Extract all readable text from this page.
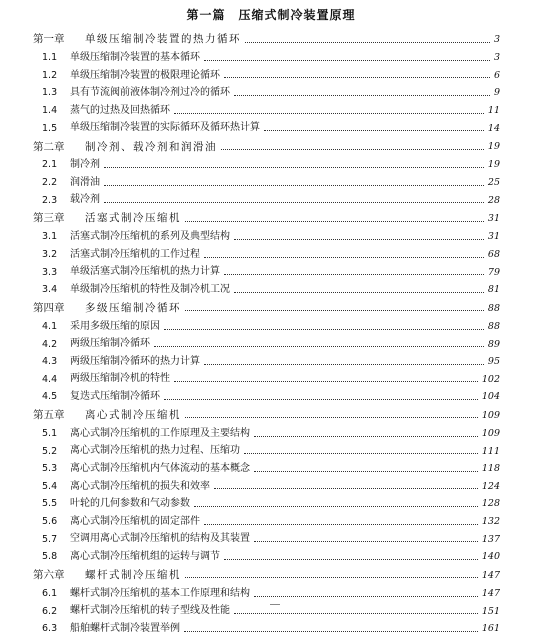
第一篇　压缩式制冷装置原理
第一章 单级压缩制冷装置的热力循环	3
1.1 单级压缩制冷装置的基本循环	3
1.2 单级压缩制冷装置的极限理论循环	6
1.3 具有节流阀前液体制冷剂过冷的循环	9
1.4 蒸气的过热及回热循环	11
1.5 单级压缩制冷装置的实际循环及循环热计算	14
第二章 制冷剂、载冷剂和润滑油	19
2.1 制冷剂	19
2.2 润滑油	25
2.3 载冷剂	28
第三章 活塞式制冷压缩机	31
3.1 活塞式制冷压缩机的系列及典型结构	31
3.2 活塞式制冷压缩机的工作过程	68
3.3 单级活塞式制冷压缩机的热力计算	79
3.4 单级制冷压缩机的特性及制冷机工况	81
第四章 多级压缩制冷循环	88
4.1 采用多级压缩的原因	88
4.2 两级压缩制冷循环	89
4.3 两级压缩制冷循环的热力计算	95
4.4 两级压缩制冷机的特性	102
4.5 复迭式压缩制冷循环	104
第五章 离心式制冷压缩机	109
5.1 离心式制冷压缩机的工作原理及主要结构	109
5.2 离心式制冷压缩机的热力过程、压缩功	111
5.3 离心式制冷压缩机内气体流动的基本概念	118
5.4 离心式制冷压缩机的损失和效率	124
5.5 叶轮的几何参数和气动参数	128
5.6 离心式制冷压缩机的固定部件	132
5.7 空调用离心式制冷压缩机的结构及其装置	137
5.8 离心式制冷压缩机组的运转与调节	140
第六章 螺杆式制冷压缩机	147
6.1 螺杆式制冷压缩机的基本工作原理和结构	147
6.2 螺杆式制冷压缩机的转子型线及性能	151
6.3 船舶螺杆式制冷装置举例	161
